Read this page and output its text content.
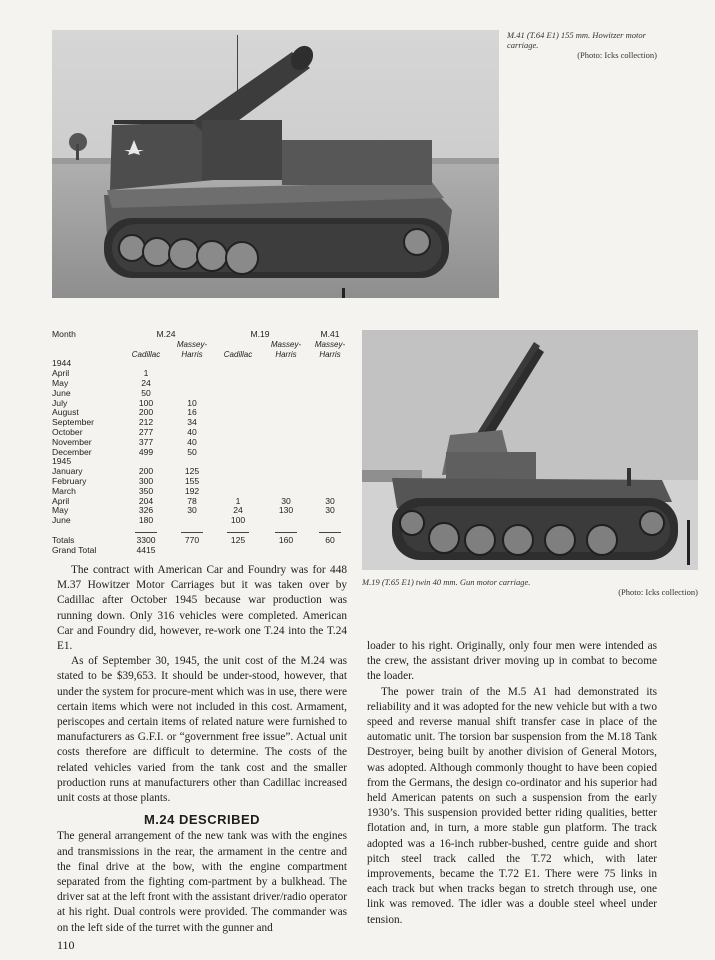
M.41 (T.64 E1) 155 mm. Howitzer motor carriage.
(Photo: Icks collection)
M.19 (T.65 E1) twin 40 mm. Gun motor carriage.
(Photo: Icks collection)
Month	M.24		M.19		M.41
		Massey-		Massey-	Massey-
	Cadillac	Harris	Cadillac	Harris	Harris
1944					
April	1				
May	24				
June	50				
July	100	10			
August	200	16			
September	212	34			
October	277	40			
November	377	40			
December	499	50			
1945					
January	200	125			
February	300	155			
March	350	192			
April	204	78	1	30	30
May	326	30	24	130	30
June	180		100		

Totals	3300	770	125	160	60
Grand Total	4415				

The contract with American Car and Foundry was for 448 M.37 Howitzer Motor Carriages but it was taken over by Cadillac after October 1945 because war production was running down. Only 316 vehicles were completed. American Car and Foundry did, however, re-work one T.24 into the T.24 E1.

As of September 30, 1945, the unit cost of the M.24 was stated to be $39,653. It should be under-stood, however, that under the system for procure-ment which was in use, there were certain items which were not included in this cost. Armament, periscopes and certain items of related nature were furnished to manufacturers as G.F.I. or “government free issue”. Actual unit costs therefore are difficult to determine. The costs of the related vehicles varied from the tank cost and the smaller production runs at manufacturers other than Cadillac increased unit costs at those plants.

M.24 DESCRIBED

The general arrangement of the new tank was with the engines and transmissions in the rear, the armament in the centre and the final drive at the bow, with the engine compartment separated from the fighting com-partment by a bulkhead. The driver sat at the left front with the assistant driver/radio operator at his right. Dual controls were provided. The commander was on the left side of the turret with the gunner and

loader to his right. Originally, only four men were intended as the crew, the assistant driver moving up in combat to become the loader.

The power train of the M.5 A1 had demonstrated its reliability and it was adopted for the new vehicle but with a two speed and reverse manual shift transfer case in place of the automatic unit. The torsion bar suspension from the M.18 Tank Destroyer, being built by another division of General Motors, was adopted. Although commonly thought to have been copied from the Germans, the design co-ordinator and his superior had held American patents on such a suspension from the early 1930’s. This suspension provided better riding qualities, better flotation and, in turn, a more stable gun platform. The track adopted was a 16-inch rubber-bushed, centre guide and short pitch steel track called the T.72 which, with later improvements, became the T.72 E1. There were 75 links in each track but when tracks began to stretch through use, one link was removed. The idler was a double steel wheel under tension.

110
